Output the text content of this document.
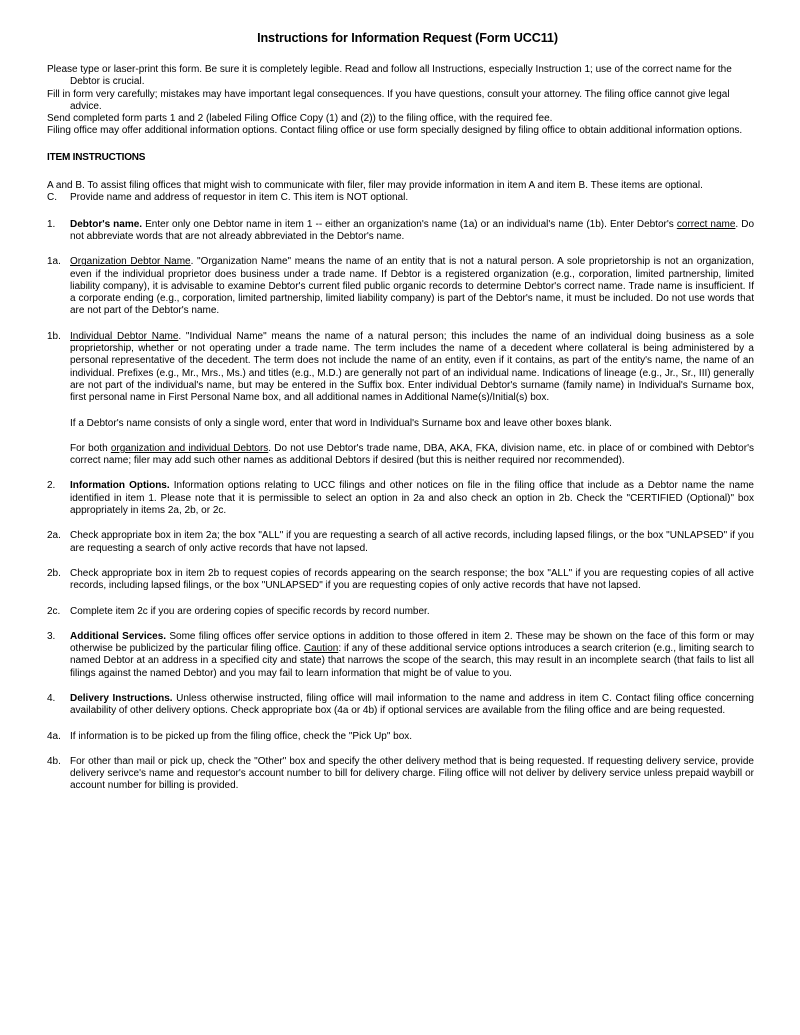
Instructions for Information Request (Form UCC11)

Please type or laser-print this form. Be sure it is completely legible. Read and follow all Instructions, especially Instruction 1; use of the correct name for the Debtor is crucial.

Fill in form very carefully; mistakes may have important legal consequences. If you have questions, consult your attorney. The filing office cannot give legal advice.

Send completed form parts 1 and 2 (labeled Filing Office Copy (1) and (2)) to the filing office, with the required fee.

Filing office may offer additional information options. Contact filing office or use form specially designed by filing office to obtain additional information options.

ITEM INSTRUCTIONS

A and B. To assist filing offices that might wish to communicate with filer, filer may provide information in item A and item B. These items are optional.

C. Provide name and address of requestor in item C. This item is NOT optional.

1. Debtor's name. Enter only one Debtor name in item 1 -- either an organization's name (1a) or an individual's name (1b). Enter Debtor's correct name. Do not abbreviate words that are not already abbreviated in the Debtor's name.

1a. Organization Debtor Name. "Organization Name" means the name of an entity that is not a natural person. A sole proprietorship is not an organization, even if the individual proprietor does business under a trade name. If Debtor is a registered organization (e.g., corporation, limited partnership, limited liability company), it is advisable to examine Debtor's current filed public organic records to determine Debtor's correct name. Trade name is insufficient. If a corporate ending (e.g., corporation, limited partnership, limited liability company) is part of the Debtor's name, it must be included. Do not use words that are not part of the Debtor's name.

1b. Individual Debtor Name. "Individual Name" means the name of a natural person; this includes the name of an individual doing business as a sole proprietorship, whether or not operating under a trade name. The term includes the name of a decedent where collateral is being administered by a personal representative of the decedent. The term does not include the name of an entity, even if it contains, as part of the entity's name, the name of an individual. Prefixes (e.g., Mr., Mrs., Ms.) and titles (e.g., M.D.) are generally not part of an individual name. Indications of lineage (e.g., Jr., Sr., III) generally are not part of the individual's name, but may be entered in the Suffix box. Enter individual Debtor's surname (family name) in Individual's Surname box, first personal name in First Personal Name box, and all additional names in Additional Name(s)/Initial(s) box.

If a Debtor's name consists of only a single word, enter that word in Individual's Surname box and leave other boxes blank.

For both organization and individual Debtors. Do not use Debtor's trade name, DBA, AKA, FKA, division name, etc. in place of or combined with Debtor's correct name; filer may add such other names as additional Debtors if desired (but this is neither required nor recommended).

2. Information Options. Information options relating to UCC filings and other notices on file in the filing office that include as a Debtor name the name identified in item 1. Please note that it is permissible to select an option in 2a and also check an option in 2b. Check the "CERTIFIED (Optional)" box appropriately in items 2a, 2b, or 2c.

2a. Check appropriate box in item 2a; the box "ALL" if you are requesting a search of all active records, including lapsed filings, or the box "UNLAPSED" if you are requesting a search of only active records that have not lapsed.

2b. Check appropriate box in item 2b to request copies of records appearing on the search response; the box "ALL" if you are requesting copies of all active records, including lapsed filings, or the box "UNLAPSED" if you are requesting copies of only active records that have not lapsed.

2c. Complete item 2c if you are ordering copies of specific records by record number.

3. Additional Services. Some filing offices offer service options in addition to those offered in item 2. These may be shown on the face of this form or may otherwise be publicized by the particular filing office. Caution: if any of these additional service options introduces a search criterion (e.g., limiting search to named Debtor at an address in a specified city and state) that narrows the scope of the search, this may result in an incomplete search (that fails to list all filings against the named Debtor) and you may fail to learn information that might be of value to you.

4. Delivery Instructions. Unless otherwise instructed, filing office will mail information to the name and address in item C. Contact filing office concerning availability of other delivery options. Check appropriate box (4a or 4b) if optional services are available from the filing office and are being requested.

4a. If information is to be picked up from the filing office, check the "Pick Up" box.

4b. For other than mail or pick up, check the "Other" box and specify the other delivery method that is being requested. If requesting delivery service, provide delivery serivce's name and requestor's account number to bill for delivery charge. Filing office will not deliver by delivery service unless prepaid waybill or account number for billing is provided.
